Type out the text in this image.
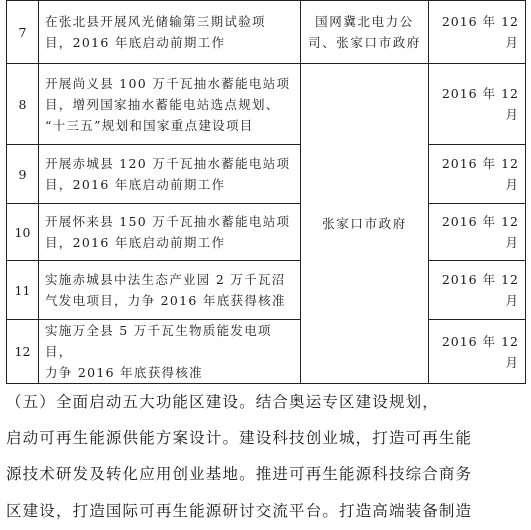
7	在张北县开展风光储输第三期试验项
目，2016 年底启动前期工作	国网冀北电力公
司、张家口市政府	2016 年 12 月
8	开展尚义县 100 万千瓦抽水蓄能电站项
目，增列国家抽水蓄能电站选点规划、
“十三五”规划和国家重点建设项目	张家口市政府	2016 年 12 月
9	开展赤城县 120 万千瓦抽水蓄能电站项
目，2016 年底启动前期工作		2016 年 12 月
10	开展怀来县 150 万千瓦抽水蓄能电站项
目，2016 年底启动前期工作		2016 年 12 月
11	实施赤城县中法生态产业园 2 万千瓦沼
气发电项目，力争 2016 年底获得核准		2016 年 12 月
12	实施万全县 5 万千瓦生物质能发电项目，
力争 2016 年底获得核准		2016 年 12 月
（五）全面启动五大功能区建设。结合奥运专区建设规划，
启动可再生能源供能方案设计。建设科技创业城，打造可再生能
源技术研发及转化应用创业基地。推进可再生能源科技综合商务
区建设，打造国际可再生能源研讨交流平台。打造高端装备制造
